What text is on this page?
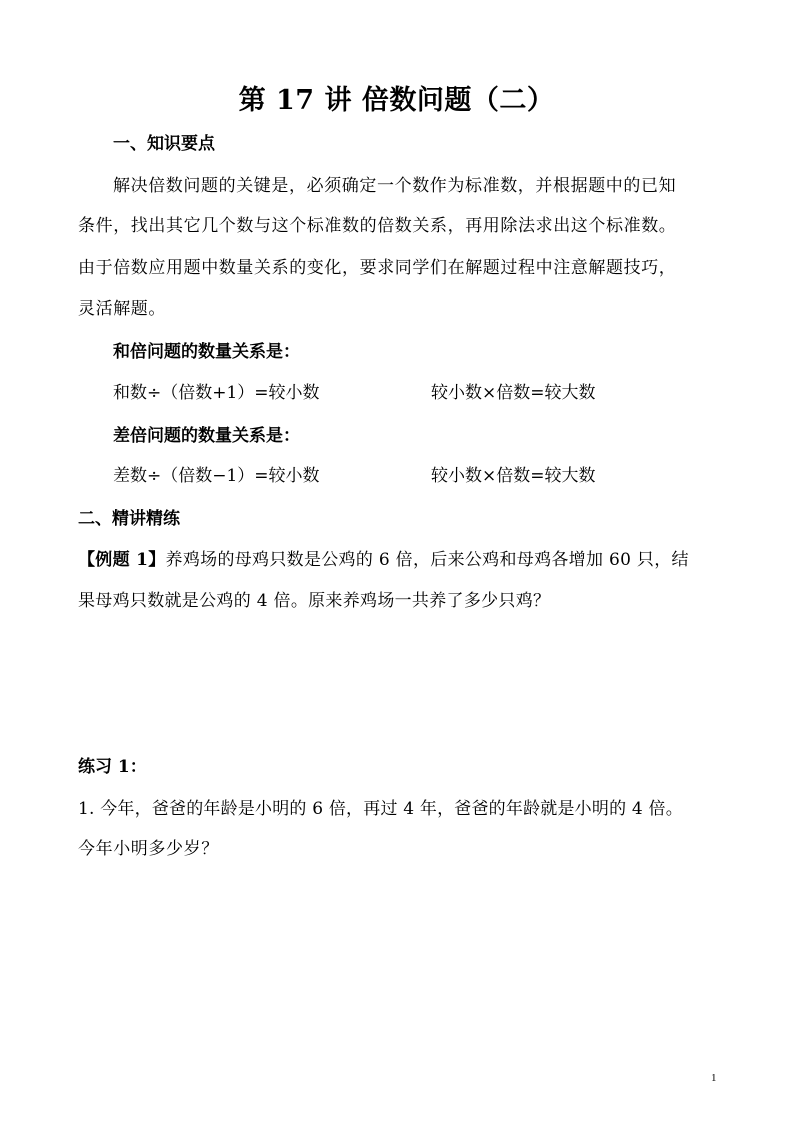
第 17 讲 倍数问题（二）
一、知识要点
解决倍数问题的关键是，必须确定一个数作为标准数，并根据题中的已知
条件，找出其它几个数与这个标准数的倍数关系，再用除法求出这个标准数。
由于倍数应用题中数量关系的变化，要求同学们在解题过程中注意解题技巧，
灵活解题。
和倍问题的数量关系是：
和数÷（倍数+1）=较小数	较小数×倍数=较大数
差倍问题的数量关系是：
差数÷（倍数−1）=较小数	较小数×倍数=较大数
二、精讲精练
【例题 1】养鸡场的母鸡只数是公鸡的 6 倍，后来公鸡和母鸡各增加 60 只，结
果母鸡只数就是公鸡的 4 倍。原来养鸡场一共养了多少只鸡？
练习 1：
1. 今年，爸爸的年龄是小明的 6 倍，再过 4 年，爸爸的年龄就是小明的 4 倍。
今年小明多少岁？
1
